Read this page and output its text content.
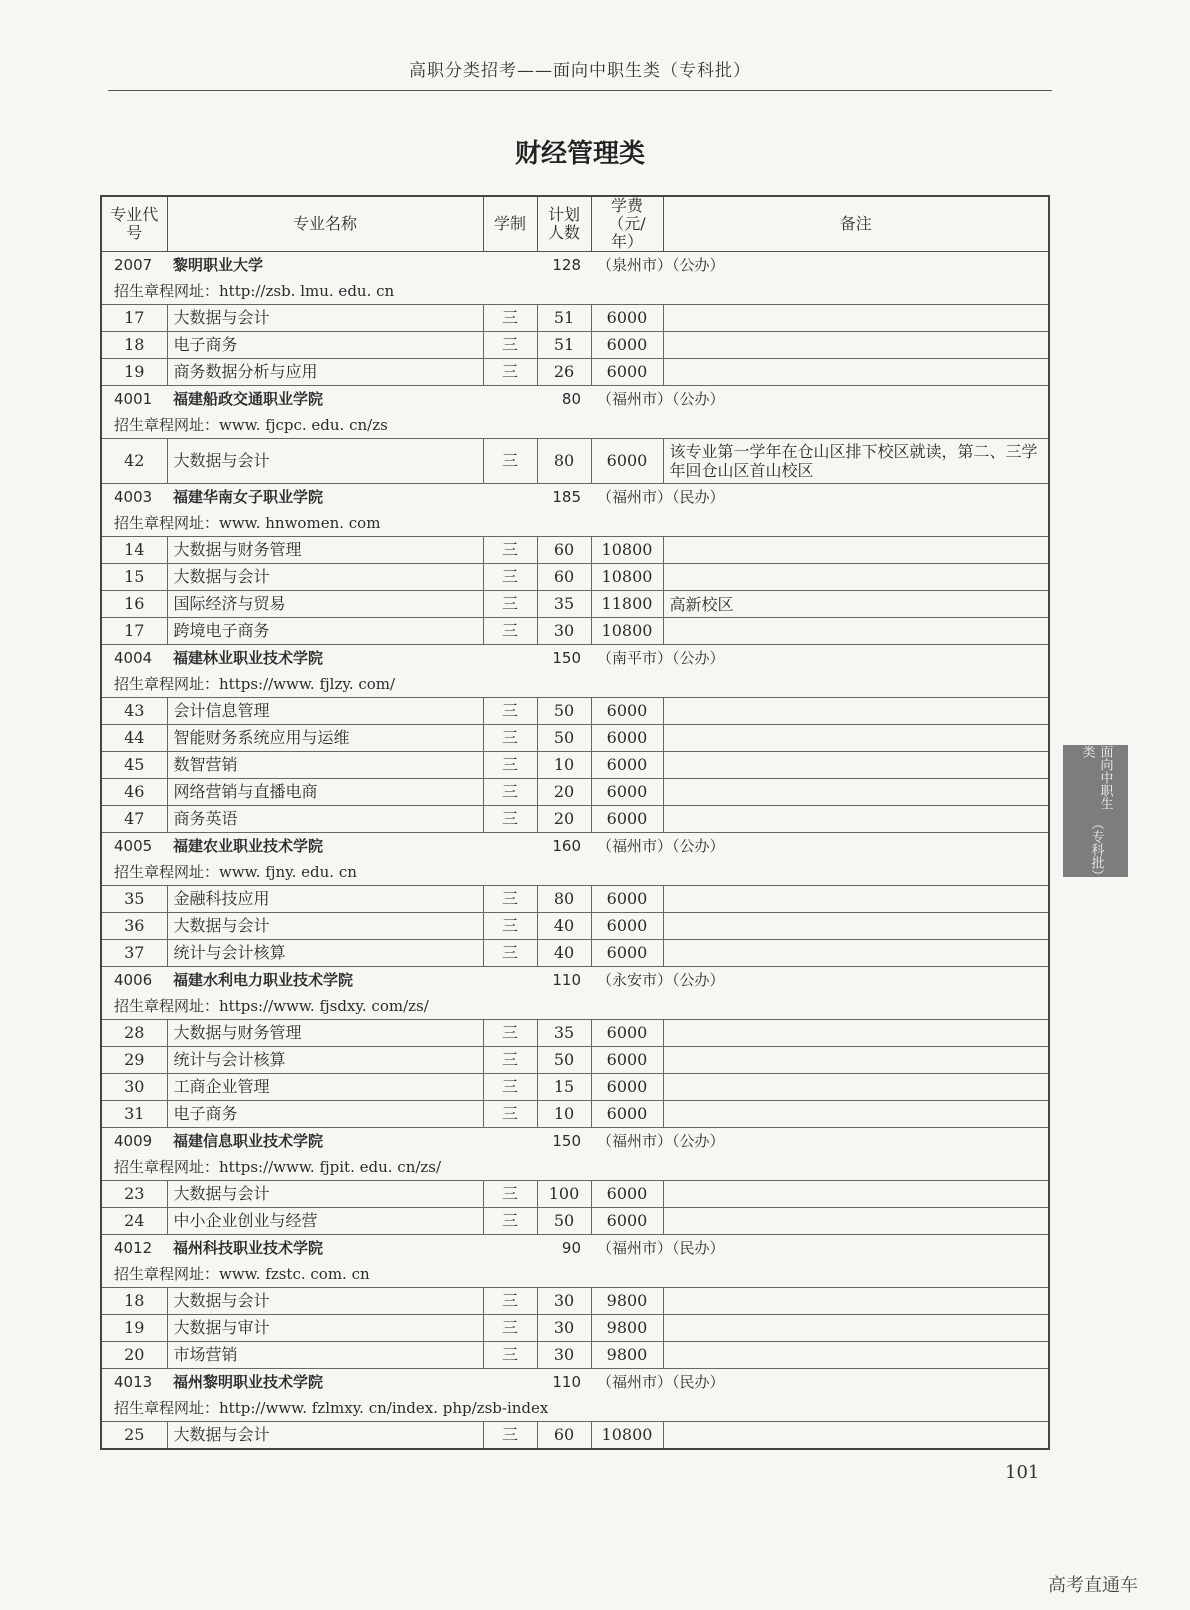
高职分类招考——面向中职生类（专科批）
财经管理类
专业代号	专业名称	学制	计划人数	学费（元/年）	备注
2007	黎明职业大学		128	（泉州市）（公办）	
招生章程网址：http://zsb. lmu. edu. cn					
17	大数据与会计	三	51	6000	
18	电子商务	三	51	6000	
19	商务数据分析与应用	三	26	6000	
4001	福建船政交通职业学院		80	（福州市）（公办）	
招生章程网址：www. fjcpc. edu. cn/zs					
42	大数据与会计	三	80	6000	该专业第一学年在仓山区排下校区就读，第二、三学年回仓山区首山校区
4003	福建华南女子职业学院		185	（福州市）（民办）	
招生章程网址：www. hnwomen. com					
14	大数据与财务管理	三	60	10800	
15	大数据与会计	三	60	10800	
16	国际经济与贸易	三	35	11800	高新校区
17	跨境电子商务	三	30	10800	
4004	福建林业职业技术学院		150	（南平市）（公办）	
招生章程网址：https://www. fjlzy. com/					
43	会计信息管理	三	50	6000	
44	智能财务系统应用与运维	三	50	6000	
45	数智营销	三	10	6000	
46	网络营销与直播电商	三	20	6000	
47	商务英语	三	20	6000	
4005	福建农业职业技术学院		160	（福州市）（公办）	
招生章程网址：www. fjny. edu. cn					
35	金融科技应用	三	80	6000	
36	大数据与会计	三	40	6000	
37	统计与会计核算	三	40	6000	
4006	福建水利电力职业技术学院		110	（永安市）（公办）	
招生章程网址：https://www. fjsdxy. com/zs/					
28	大数据与财务管理	三	35	6000	
29	统计与会计核算	三	50	6000	
30	工商企业管理	三	15	6000	
31	电子商务	三	10	6000	
4009	福建信息职业技术学院		150	（福州市）（公办）	
招生章程网址：https://www. fjpit. edu. cn/zs/					
23	大数据与会计	三	100	6000	
24	中小企业创业与经营	三	50	6000	
4012	福州科技职业技术学院		90	（福州市）（民办）	
招生章程网址：www. fzstc. com. cn					
18	大数据与会计	三	30	9800	
19	大数据与审计	三	30	9800	
20	市场营销	三	30	9800	
4013	福州黎明职业技术学院		110	（福州市）（民办）	
招生章程网址：http://www. fzlmxy. cn/index. php/zsb-index					
25	大数据与会计	三	60	10800	
面向中职生类
（专科批）
101
高考直通车
